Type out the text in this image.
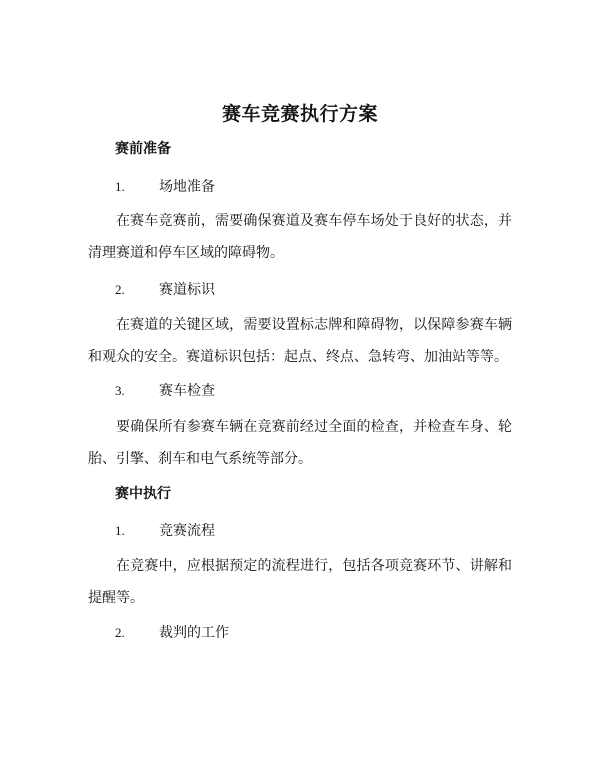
赛车竞赛执行方案
赛前准备
1. 场地准备
在赛车竞赛前，需要确保赛道及赛车停车场处于良好的状态，并清理赛道和停车区域的障碍物。
2. 赛道标识
在赛道的关键区域，需要设置标志牌和障碍物，以保障参赛车辆和观众的安全。赛道标识包括：起点、终点、急转弯、加油站等等。
3. 赛车检查
要确保所有参赛车辆在竞赛前经过全面的检查，并检查车身、轮胎、引擎、刹车和电气系统等部分。
赛中执行
1. 竞赛流程
在竞赛中，应根据预定的流程进行，包括各项竞赛环节、讲解和提醒等。
2. 裁判的工作
